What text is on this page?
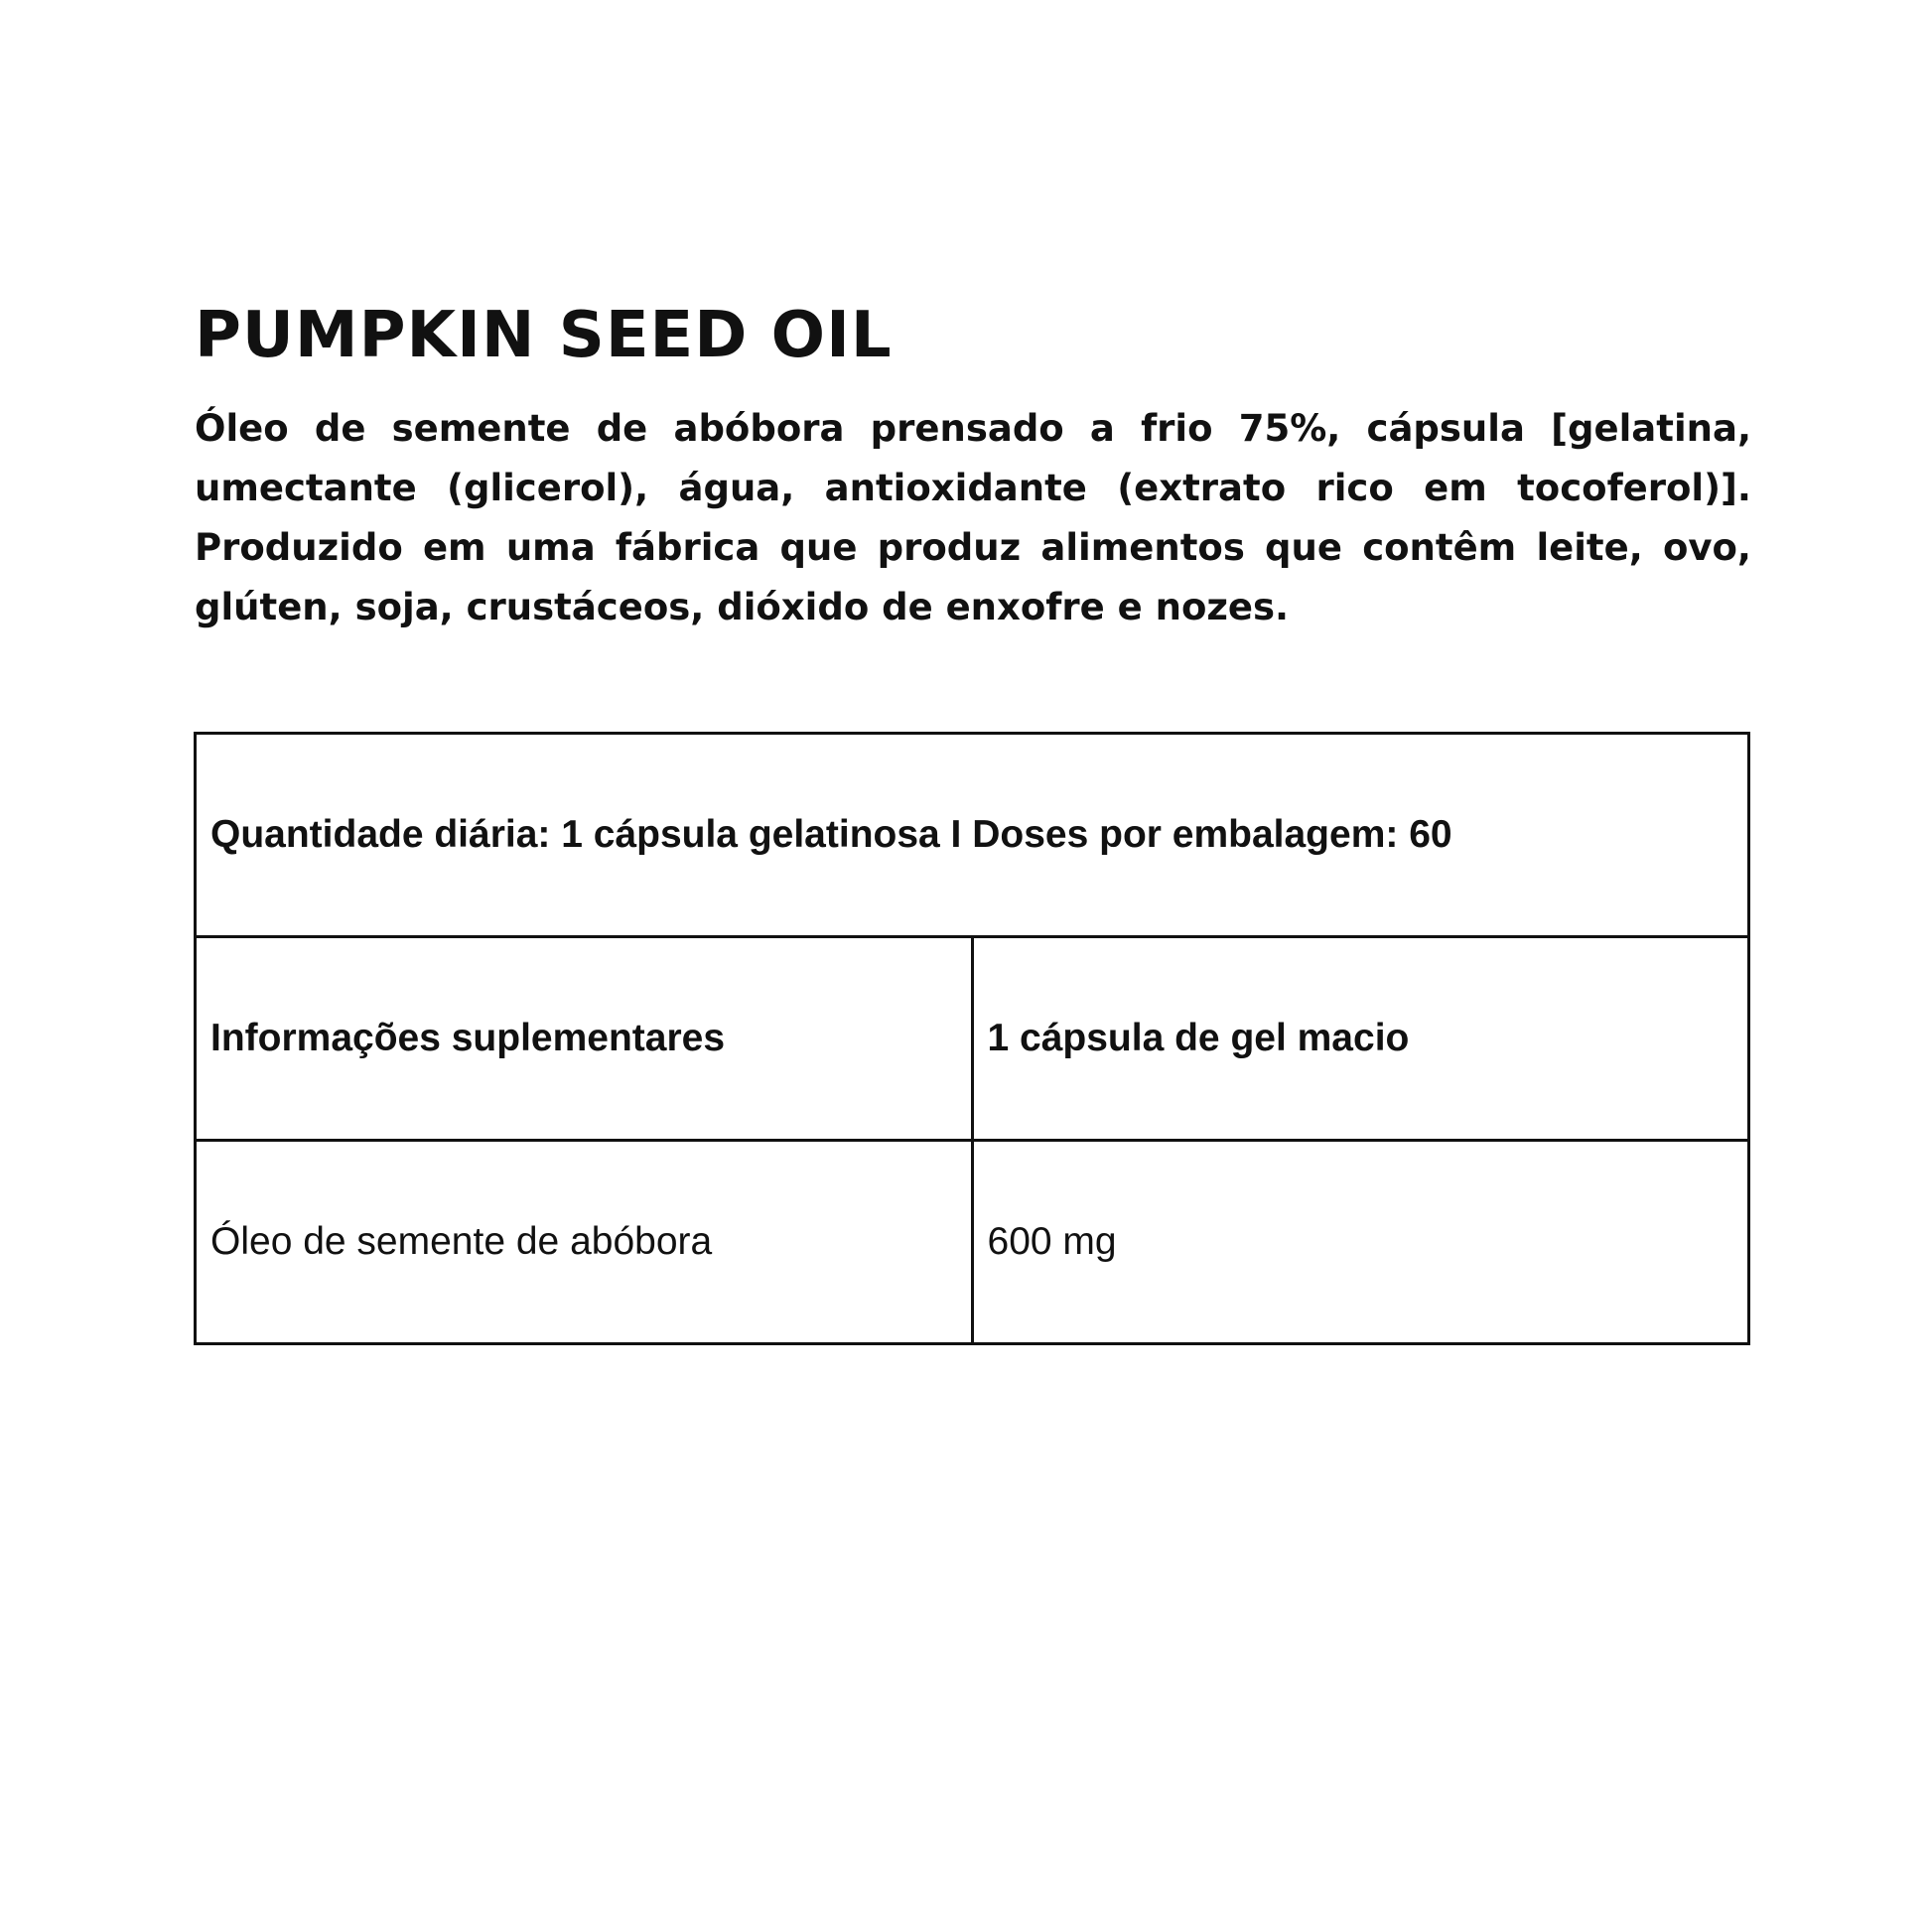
PUMPKIN SEED OIL

Óleo de semente de abóbora prensado a frio 75%, cápsula [gelatina, umectante (glicerol), água, antioxidante (extrato rico em tocoferol)]. Produzido em uma fábrica que produz alimentos que contêm leite, ovo, glúten, soja, crustáceos, dióxido de enxofre e nozes.

Quantidade diária: 1 cápsula gelatinosa I Doses por embalagem: 60	
Informações suplementares	1 cápsula de gel macio
Óleo de semente de abóbora	600 mg
